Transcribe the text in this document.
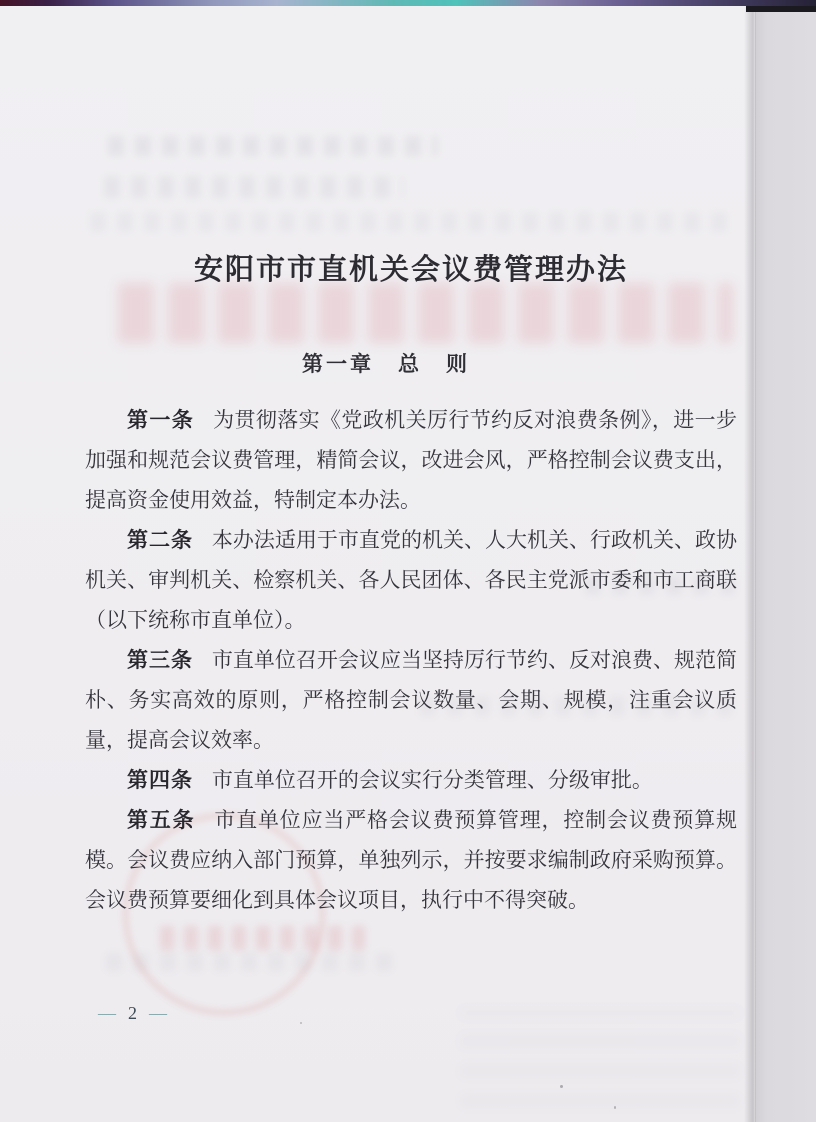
安阳市市直机关会议费管理办法
第一章　总　则

第一条 为贯彻落实《党政机关厉行节约反对浪费条例》，进一步加强和规范会议费管理，精简会议，改进会风，严格控制会议费支出，提高资金使用效益，特制定本办法。

第二条 本办法适用于市直党的机关、人大机关、行政机关、政协机关、审判机关、检察机关、各人民团体、各民主党派市委和市工商联（以下统称市直单位）。

第三条 市直单位召开会议应当坚持厉行节约、反对浪费、规范简朴、务实高效的原则，严格控制会议数量、会期、规模，注重会议质量，提高会议效率。

第四条 市直单位召开的会议实行分类管理、分级审批。

第五条 市直单位应当严格会议费预算管理，控制会议费预算规模。会议费应纳入部门预算，单独列示，并按要求编制政府采购预算。会议费预算要细化到具体会议项目，执行中不得突破。

— 2 —
